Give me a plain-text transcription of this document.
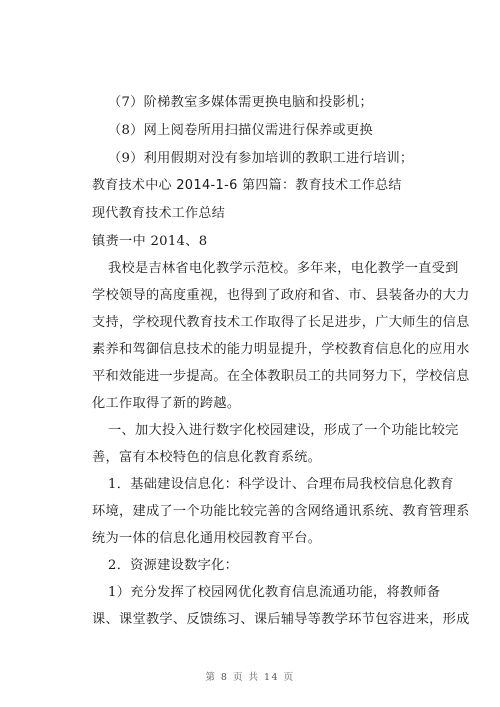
（7）阶梯教室多媒体需更换电脑和投影机；
（8）网上阅卷所用扫描仪需进行保养或更换
（9）利用假期对没有参加培训的教职工进行培训；
教育技术中心 2014-1-6 第四篇：教育技术工作总结
现代教育技术工作总结
镇赉一中 2014、8
我校是吉林省电化教学示范校。多年来，电化教学一直受到
学校领导的高度重视，也得到了政府和省、市、县装备办的大力
支持，学校现代教育技术工作取得了长足进步，广大师生的信息
素养和驾御信息技术的能力明显提升，学校教育信息化的应用水
平和效能进一步提高。在全体教职员工的共同努力下，学校信息
化工作取得了新的跨越。
一、加大投入进行数字化校园建设，形成了一个功能比较完
善，富有本校特色的信息化教育系统。
1．基础建设信息化：科学设计、合理布局我校信息化教育
环境，建成了一个功能比较完善的含网络通讯系统、教育管理系
统为一体的信息化通用校园教育平台。
2．资源建设数字化：
1）充分发挥了校园网优化教育信息流通功能，将教师备
课、课堂教学、反馈练习、课后辅导等教学环节包容进来，形成
第 8 页 共 14 页
